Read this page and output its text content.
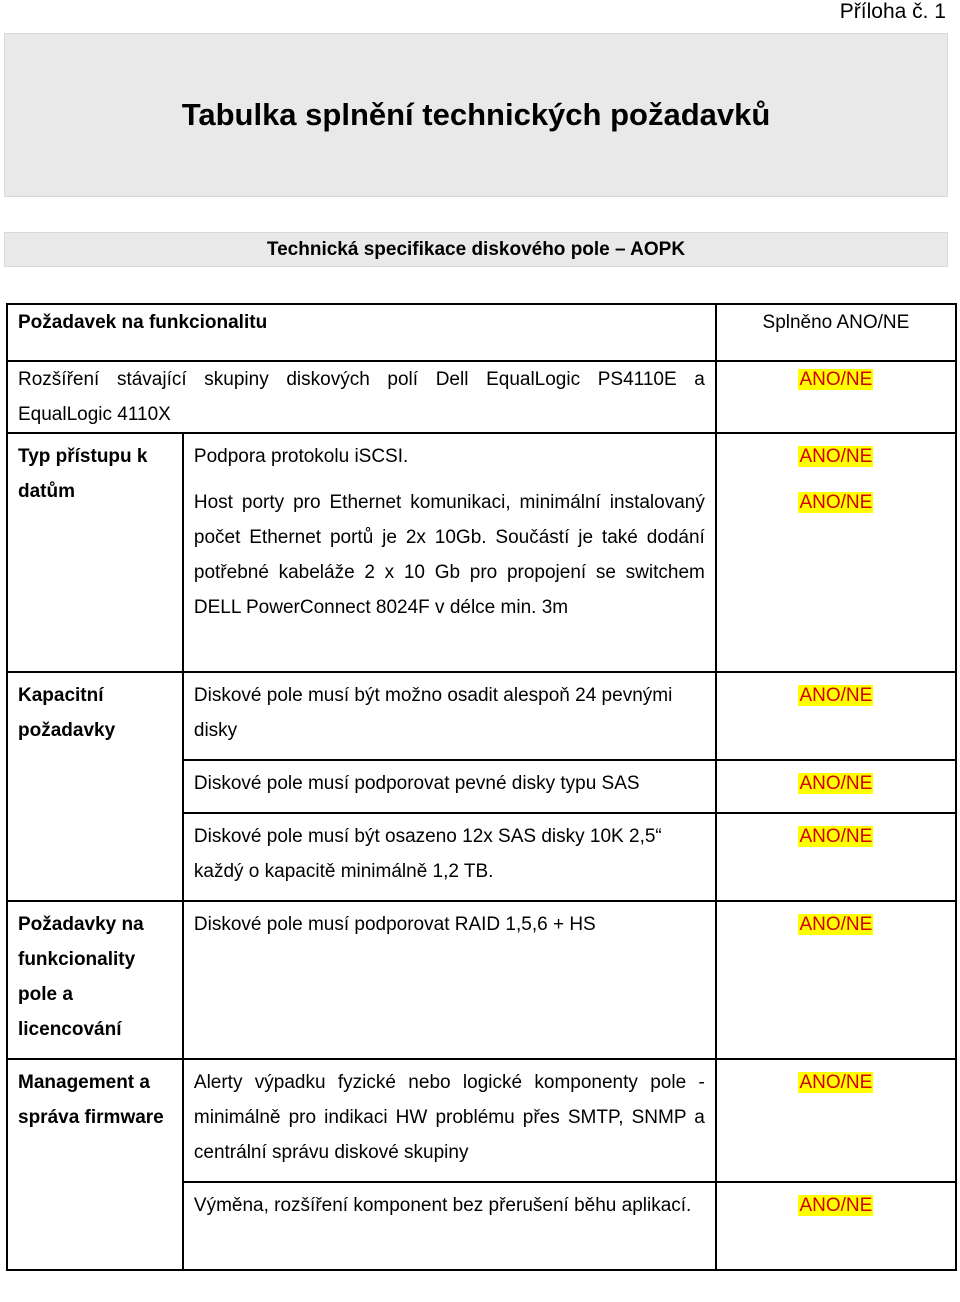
Příloha č. 1
Tabulka splnění technických požadavků
Technická specifikace diskového pole – AOPK
Požadavek na funkcionalitu		Splněno ANO/NE
Rozšíření stávající skupiny diskových polí Dell EqualLogic PS4110E a EqualLogic 4110X		ANO/NE
Typ přístupu k datům	Podpora protokolu iSCSI.	ANO/NE
	Host porty pro Ethernet komunikaci, minimální instalovaný počet Ethernet portů je 2x 10Gb. Součástí je také dodání potřebné kabeláže 2 x 10 Gb pro propojení se switchem DELL PowerConnect 8024F v délce min. 3m	ANO/NE
Kapacitní požadavky	Diskové pole musí být možno osadit alespoň 24 pevnými disky	ANO/NE
	Diskové pole musí podporovat pevné disky typu SAS	ANO/NE
	Diskové pole musí být osazeno 12x SAS disky 10K 2,5“ každý o kapacitě minimálně 1,2 TB.	ANO/NE
Požadavky na funkcionality pole a licencování	Diskové pole musí podporovat RAID 1,5,6 + HS	ANO/NE
Management a správa firmware	Alerty výpadku fyzické nebo logické komponenty pole - minimálně pro indikaci HW problému přes SMTP, SNMP a centrální správu diskové skupiny	ANO/NE
	Výměna, rozšíření komponent bez přerušení běhu aplikací.	ANO/NE
